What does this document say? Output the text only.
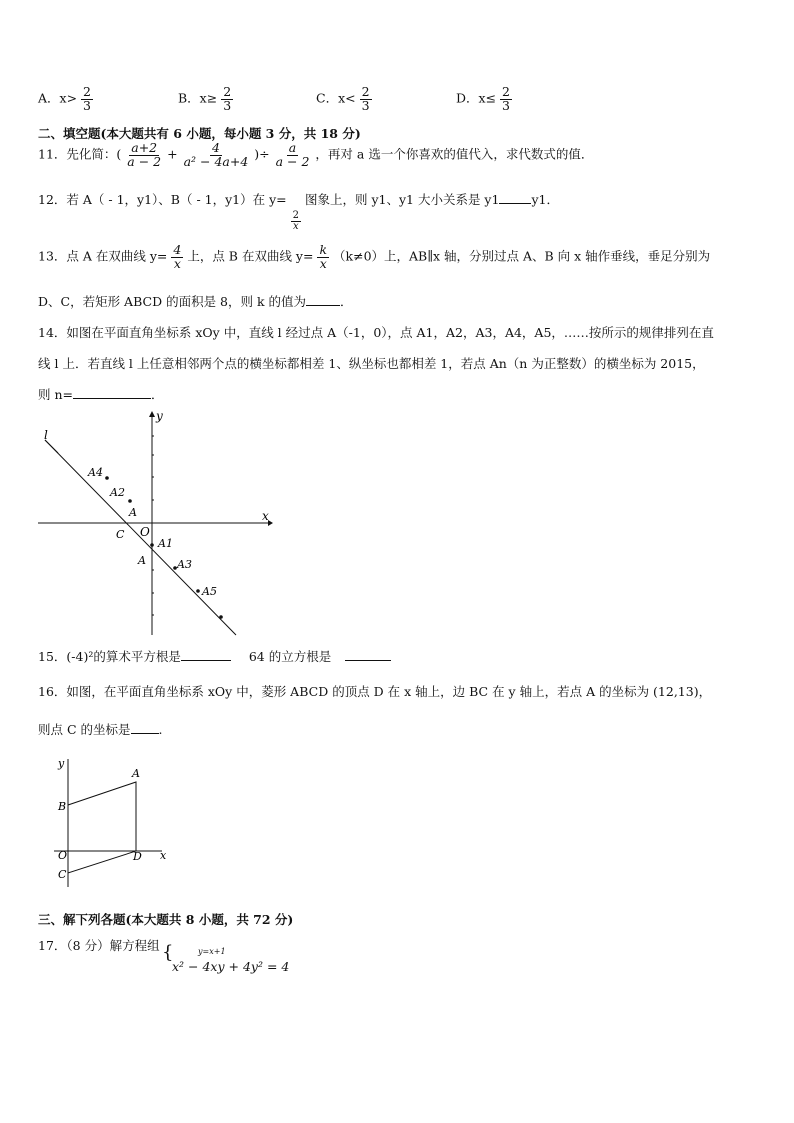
A．$x> \frac{2}{3}$	B．$x\ge \frac{2}{3}$	C．$x< \frac{2}{3}$	D．$x\le \frac{2}{3}$
二、填空题(本大题共有 6 小题，每小题 3 分，共 18 分)
11．先化简：( $\frac{a+2}{a - 2} + \frac{4}{\text{a² − 4a+4}}$ )÷ $\frac{a}{a - 2}$ ，再对 a 选一个你喜欢的值代入，求代数式的值．
12．若 A（ - 1，y1）、B（ - 1，y1）在 y=
$\frac{2}{x}$
图象上，则 y1、y1 大小关系是 y1	y1．
13．点 A 在双曲线 $y= \frac{4}{x}$ 上，点 B 在双曲线 $y= \frac{k}{x} (k\ne 0)$上，AB∥x 轴，分别过点 A、B 向 x 轴作垂线，垂足分别为
D、C，若矩形 ABCD 的面积是 8，则 k 的值为	．
14．如图在平面直角坐标系 xOy 中，直线 l 经过点 A（-1，0），点 A1，A2，A3，A4，A5，……按所示的规律排列在直
线 l 上．若直线 l 上任意相邻两个点的横坐标都相差 1、纵坐标也都相差 1，若点 An（n 为正整数）的横坐标为 2015，
则 n=	．
l
y
x
O
A4
A2
A
C
A1
A	A3
A5
15．(-4)²的算术平方根是	64 的立方根是
16．如图，在平面直角坐标系 xOy 中，菱形 ABCD 的顶点 D 在 x 轴上，边 BC 在 y 轴上，若点 A 的坐标为 (12,13)，
则点 C 的坐标是 .
y
A
B
O	D x
C
三、解下列各题(本大题共 8 小题，共 72 分)
17．（8 分）解方程组 {	y=x+1
x² − 4xy + 4y² = 4
